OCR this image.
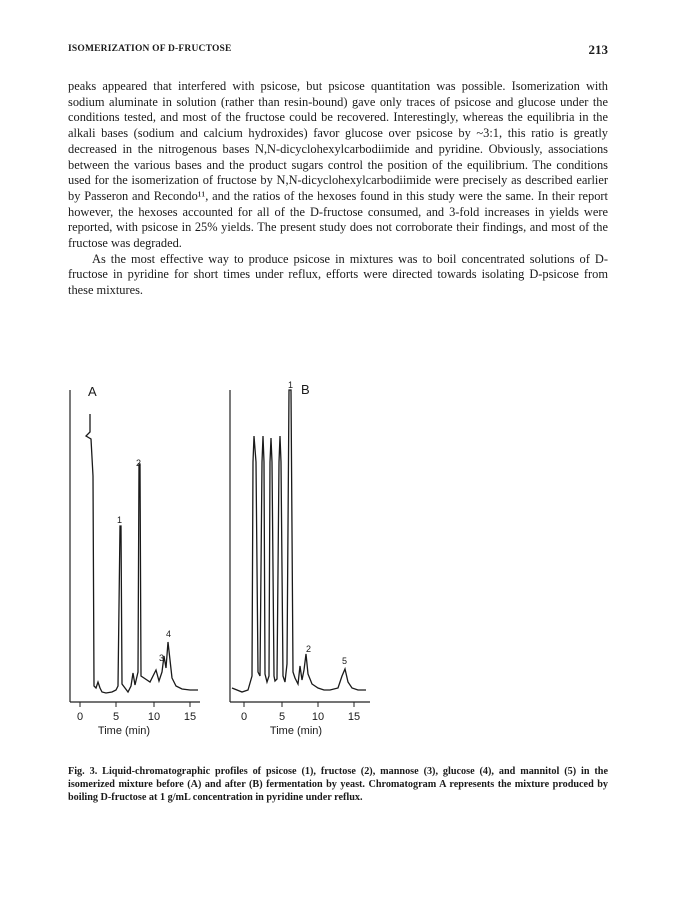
ISOMERIZATION OF D-FRUCTOSE	213

peaks appeared that interfered with psicose, but psicose quantitation was possible. Isomerization with sodium aluminate in solution (rather than resin-bound) gave only traces of psicose and glucose under the conditions tested, and most of the fructose could be recovered. Interestingly, whereas the equilibria in the alkali bases (sodium and calcium hydroxides) favor glucose over psicose by ~3:1, this ratio is greatly decreased in the nitrogenous bases N,N-dicyclohexylcarbodiimide and pyridine. Obviously, associations between the various bases and the product sugars control the position of the equilibrium. The conditions used for the isomerization of fructose by N,N-dicyclohexylcarbodiimide were precisely as described earlier by Passeron and Recondo¹¹, and the ratios of the hexoses found in this study were the same. In their report however, the hexoses accounted for all of the D-fructose consumed, and 3-fold increases in yields were reported, with psicose in 25% yields. The present study does not corroborate their findings, and most of the fructose was degraded.

As the most effective way to produce psicose in mixtures was to boil concentrated solutions of D-fructose in pyridine for short times under reflux, efforts were directed towards isolating D-psicose from these mixtures.

A
1
2
3
4
0	5	10 15
Time (min)
B
1
2
5
0	5 10 15
Time (min)
Fig. 3. Liquid-chromatographic profiles of psicose (1), fructose (2), mannose (3), glucose (4), and mannitol (5) in the isomerized mixture before (A) and after (B) fermentation by yeast. Chromatogram A represents the mixture produced by boiling D-fructose at 1 g/mL concentration in pyridine under reflux.
